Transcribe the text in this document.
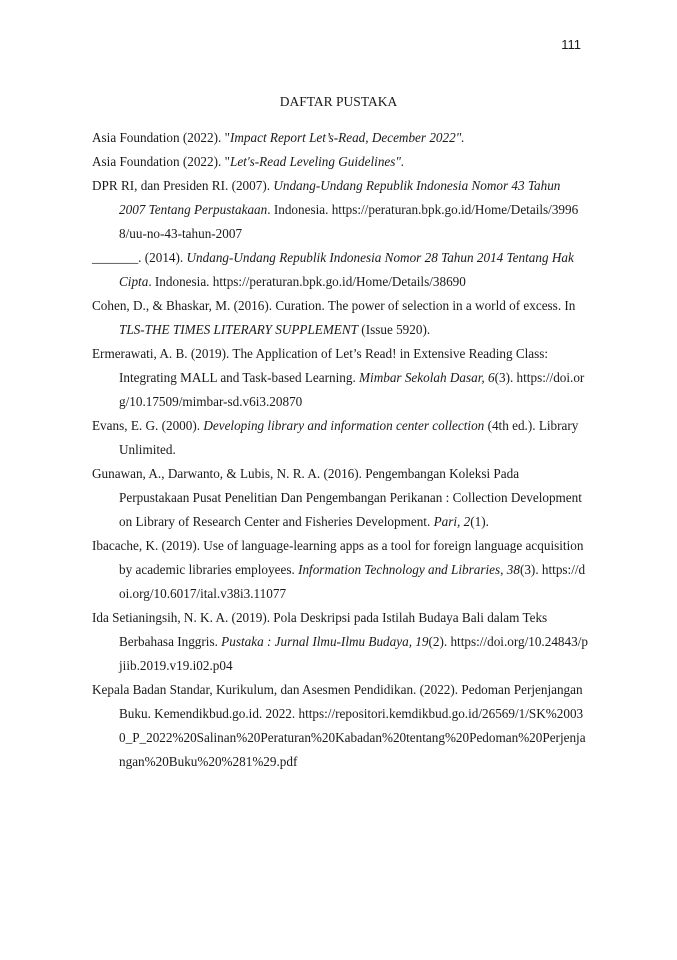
111
DAFTAR PUSTAKA
Asia Foundation (2022). "Impact Report Let’s-Read, December 2022".
Asia Foundation (2022). "Let's-Read Leveling Guidelines".
DPR RI, dan Presiden RI. (2007). Undang-Undang Republik Indonesia Nomor 43 Tahun 2007 Tentang Perpustakaan. Indonesia. https://peraturan.bpk.go.id/Home/Details/39968/uu-no-43-tahun-2007
_______. (2014). Undang-Undang Republik Indonesia Nomor 28 Tahun 2014 Tentang Hak Cipta. Indonesia. https://peraturan.bpk.go.id/Home/Details/38690
Cohen, D., & Bhaskar, M. (2016). Curation. The power of selection in a world of excess. In TLS-THE TIMES LITERARY SUPPLEMENT (Issue 5920).
Ermerawati, A. B. (2019). The Application of Let’s Read! in Extensive Reading Class: Integrating MALL and Task-based Learning. Mimbar Sekolah Dasar, 6(3). https://doi.org/10.17509/mimbar-sd.v6i3.20870
Evans, E. G. (2000). Developing library and information center collection (4th ed.). Library Unlimited.
Gunawan, A., Darwanto, & Lubis, N. R. A. (2016). Pengembangan Koleksi Pada Perpustakaan Pusat Penelitian Dan Pengembangan Perikanan : Collection Development on Library of Research Center and Fisheries Development. Pari, 2(1).
Ibacache, K. (2019). Use of language-learning apps as a tool for foreign language acquisition by academic libraries employees. Information Technology and Libraries, 38(3). https://doi.org/10.6017/ital.v38i3.11077
Ida Setianingsih, N. K. A. (2019). Pola Deskripsi pada Istilah Budaya Bali dalam Teks Berbahasa Inggris. Pustaka : Jurnal Ilmu-Ilmu Budaya, 19(2). https://doi.org/10.24843/pjiib.2019.v19.i02.p04
Kepala Badan Standar, Kurikulum, dan Asesmen Pendidikan. (2022). Pedoman Perjenjangan Buku. Kemendikbud.go.id. 2022. https://repositori.kemdikbud.go.id/26569/1/SK%20030_P_2022%20Salinan%20Peraturan%20Kabadan%20tentang%20Pedoman%20Perjenjangan%20Buku%20%281%29.pdf
